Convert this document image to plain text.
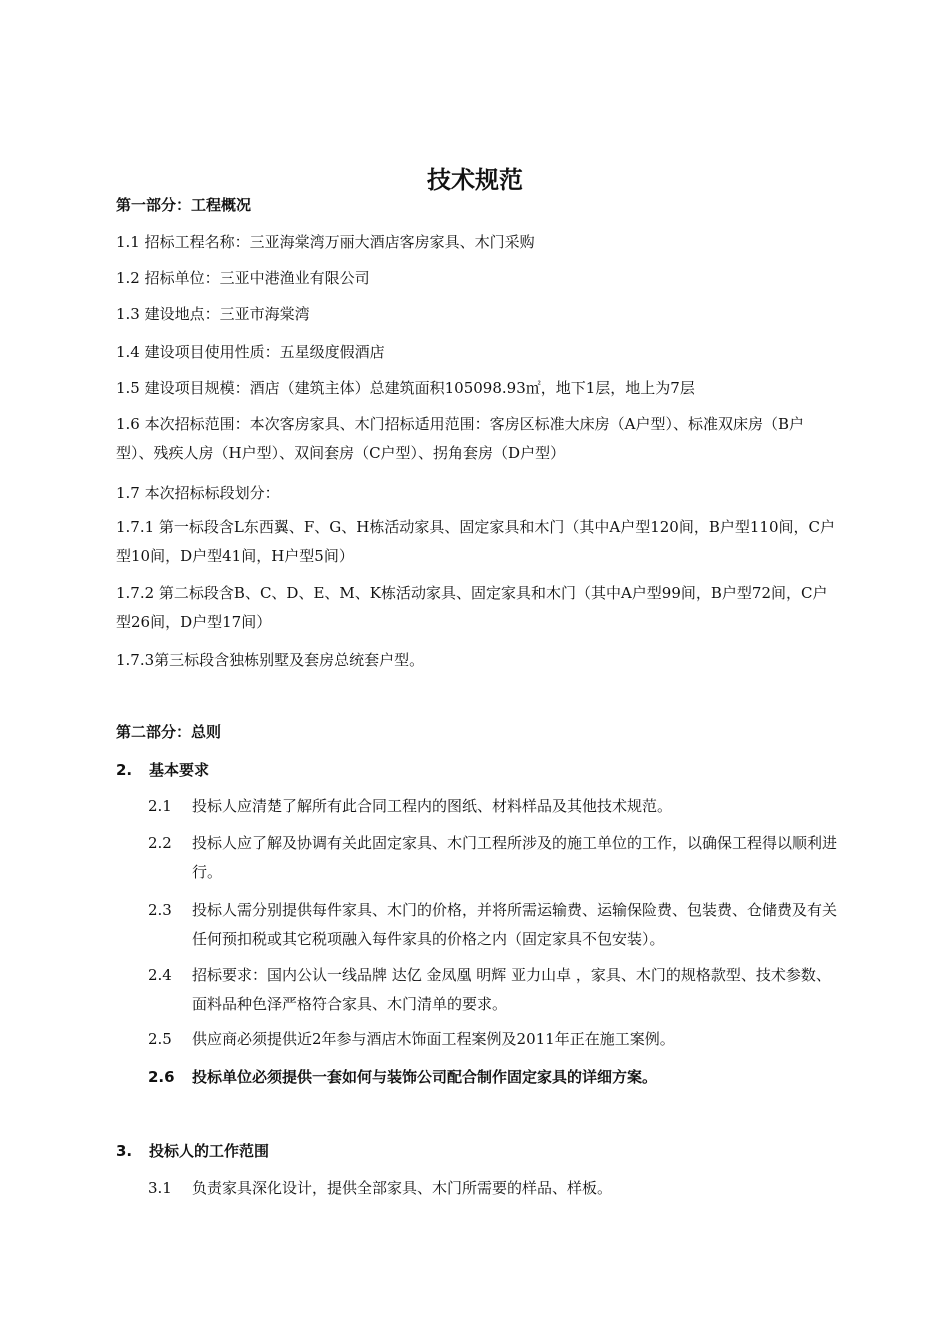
技术规范
第一部分：工程概况
1.1 招标工程名称：三亚海棠湾万丽大酒店客房家具、木门采购
1.2 招标单位：三亚中港渔业有限公司
1.3 建设地点：三亚市海棠湾
1.4 建设项目使用性质：五星级度假酒店
1.5 建设项目规模：酒店（建筑主体）总建筑面积105098.93㎡，地下1层，地上为7层
1.6 本次招标范围：本次客房家具、木门招标适用范围：客房区标准大床房（A户型）、标准双床房（B户型）、残疾人房（H户型）、双间套房（C户型）、拐角套房（D户型）
1.7 本次招标标段划分：
1.7.1 第一标段含L东西翼、F、G、H栋活动家具、固定家具和木门（其中A户型120间，B户型110间，C户型10间，D户型41间，H户型5间）
1.7.2 第二标段含B、C、D、E、M、K栋活动家具、固定家具和木门（其中A户型99间，B户型72间，C户型26间，D户型17间）
1.7.3第三标段含独栋别墅及套房总统套户型。
第二部分：总则
2. 基本要求
2.1	投标人应清楚了解所有此合同工程内的图纸、材料样品及其他技术规范。
2.2	投标人应了解及协调有关此固定家具、木门工程所涉及的施工单位的工作，以确保工程得以顺利进行。
2.3	投标人需分别提供每件家具、木门的价格，并将所需运输费、运输保险费、包装费、仓储费及有关任何预扣税或其它税项融入每件家具的价格之内（固定家具不包安装）。
2.4	招标要求：国内公认一线品牌 达亿 金凤凰 明辉 亚力山卓 ，家具、木门的规格款型、技术参数、面料品种色泽严格符合家具、木门清单的要求。
2.5	供应商必须提供近2年参与酒店木饰面工程案例及2011年正在施工案例。
2.6	投标单位必须提供一套如何与装饰公司配合制作固定家具的详细方案。
3. 投标人的工作范围
3.1	负责家具深化设计，提供全部家具、木门所需要的样品、样板。
